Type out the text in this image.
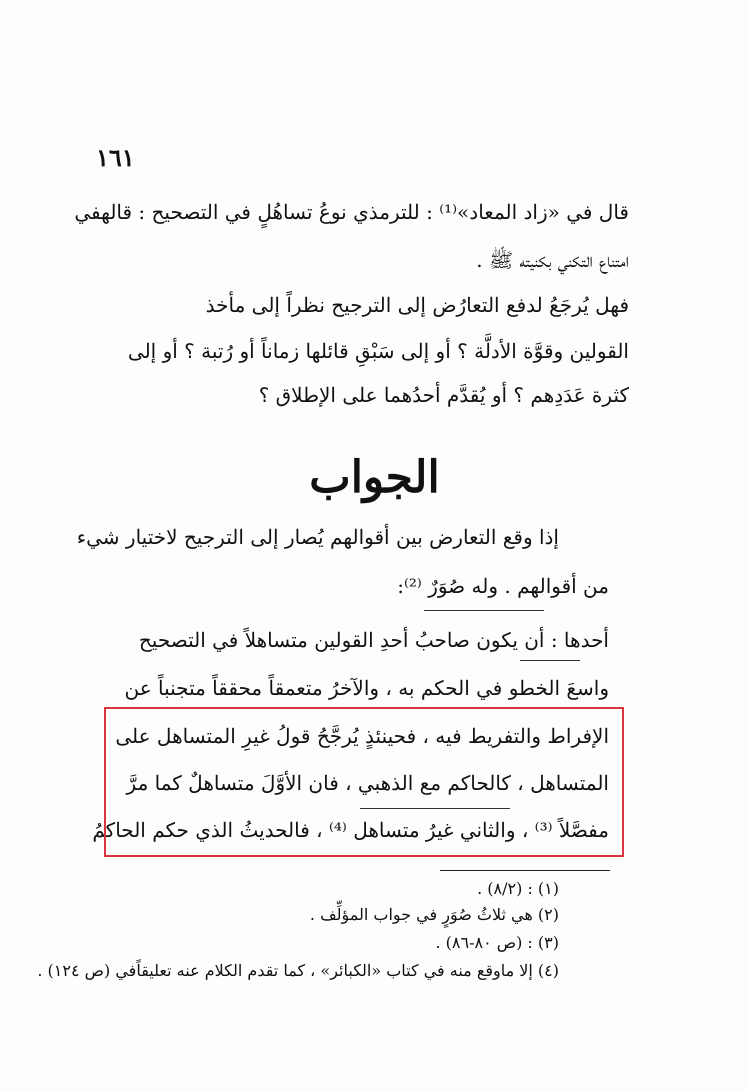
١٦١
قال في «زاد المعاد»⁽¹⁾ : للترمذي نوعُ تساهُلٍ في التصحيح : قالهفي
امتناع التكني بكنيته ﷺ .
فهل يُرجَعُ لدفع التعارُض إلى الترجيح نظراً إلى مأخذ
القولين وقوَّة الأدلَّة ؟ أو إلى سَبْقِ قائلها زماناً أو رُتبة ؟ أو إلى
كثرة عَدَدِهم ؟ أو يُقدَّم أحدُهما على الإطلاق ؟
الجواب
إذا وقع التعارض بين أقوالهم يُصار إلى الترجيح لاختيار شيء
من أقوالهم . وله صُوَرٌ ⁽²⁾:
أحدها : أن يكون صاحبُ أحدِ القولين متساهلاً في التصحيح
واسعَ الخطو في الحكم به ، والآخرُ متعمقاً محققاً متجنباً عن
الإفراط والتفريط فيه ، فحينئذٍ يُرجَّحُ قولُ غيرِ المتساهل على
المتساهل ، كالحاكم مع الذهبي ، فان الأوَّلَ متساهلٌ كما مرَّ
مفصَّلاً ⁽³⁾ ، والثاني غيرُ متساهل ⁽⁴⁾ ، فالحديثُ الذي حكم الحاكمُ
(١) : (٨/٢) .
(٢) هي ثلاثُ صُوَرٍ في جواب المؤلِّف .
(٣) : (ص ٨٠-٨٦) .
(٤) إلا ماوقع منه في كتاب «الكبائر» ، كما تقدم الكلام عنه تعليقاًفي (ص ١٢٤) .
